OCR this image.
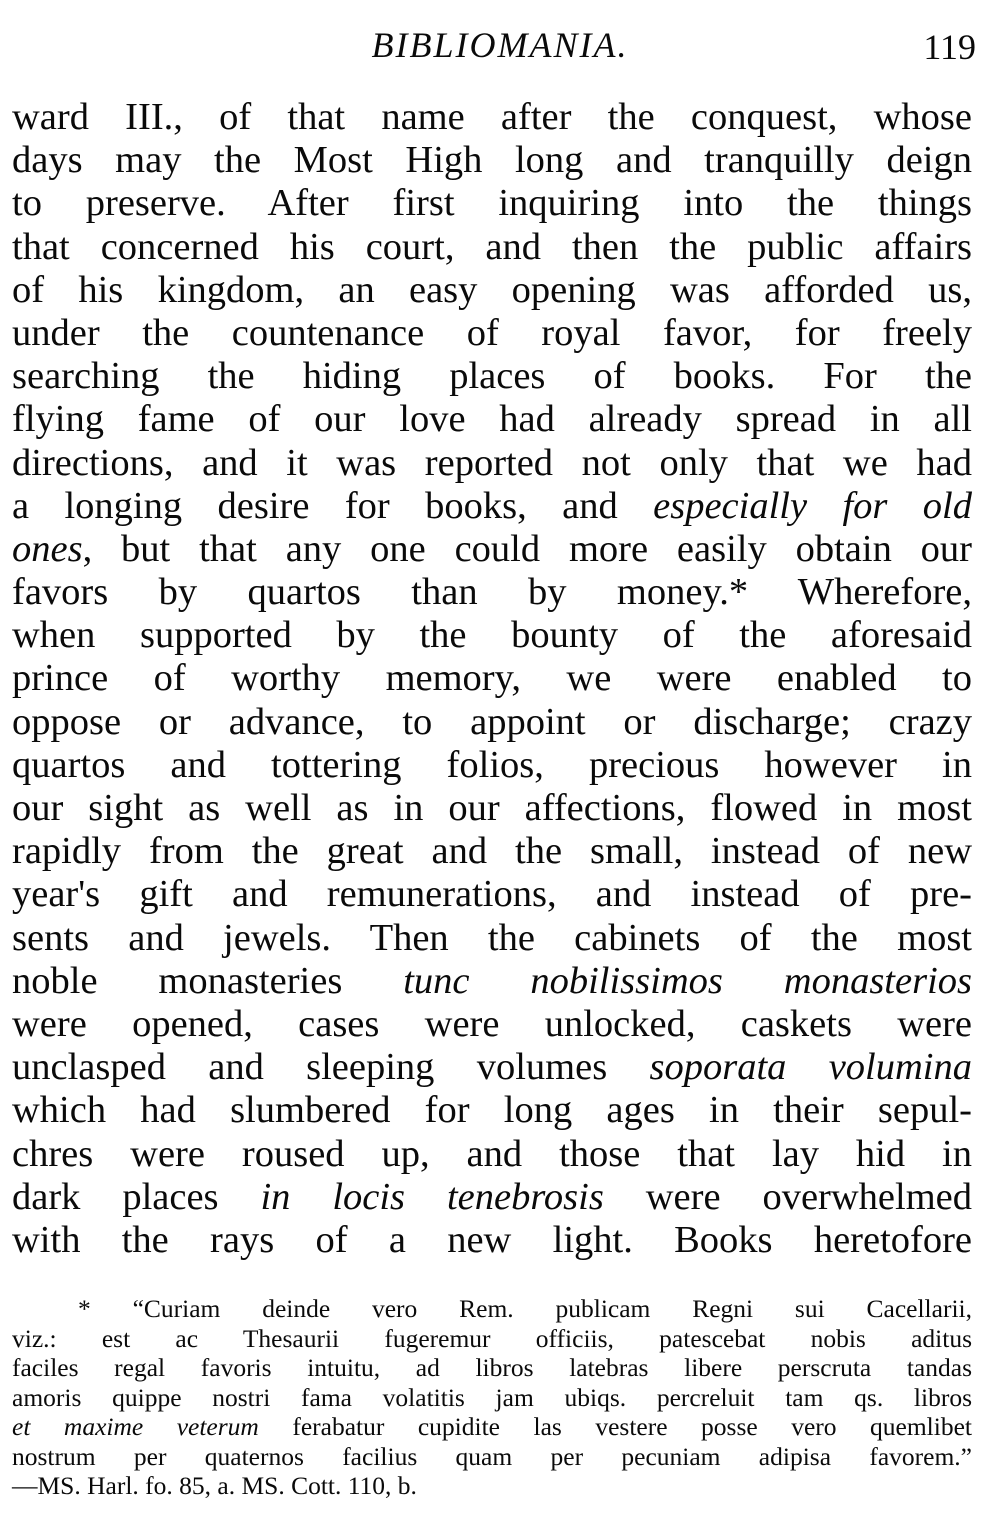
BIBLIOMANIA.	119
ward III., of that name after the conquest, whose
days may the Most High long and tranquilly deign
to preserve. After first inquiring into the things
that concerned his court, and then the public affairs
of his kingdom, an easy opening was afforded us,
under the countenance of royal favor, for freely
searching the hiding places of books. For the
flying fame of our love had already spread in all
directions, and it was reported not only that we had
a longing desire for books, and especially for old
ones, but that any one could more easily obtain our
favors by quartos than by money.* Wherefore,
when supported by the bounty of the aforesaid
prince of worthy memory, we were enabled to
oppose or advance, to appoint or discharge; crazy
quartos and tottering folios, precious however in
our sight as well as in our affections, flowed in most
rapidly from the great and the small, instead of new
year's gift and remunerations, and instead of pre-
sents and jewels. Then the cabinets of the most
noble monasteries tunc nobilissimos monasterios
were opened, cases were unlocked, caskets were
unclasped and sleeping volumes soporata volumina
which had slumbered for long ages in their sepul-
chres were roused up, and those that lay hid in
dark places in locis tenebrosis were overwhelmed
with the rays of a new light. Books heretofore
* “Curiam deinde vero Rem. publicam Regni sui Cacellarii,
viz.: est ac Thesaurii fugeremur officiis, patescebat nobis aditus
faciles regal favoris intuitu, ad libros latebras libere perscruta tandas
amoris quippe nostri fama volatitis jam ubiqs. percreluit tam qs. libros
et maxime veterum ferabatur cupidite las vestere posse vero quemlibet
nostrum per quaternos facilius quam per pecuniam adipisa favorem.”
—MS. Harl. fo. 85, a. MS. Cott. 110, b.
